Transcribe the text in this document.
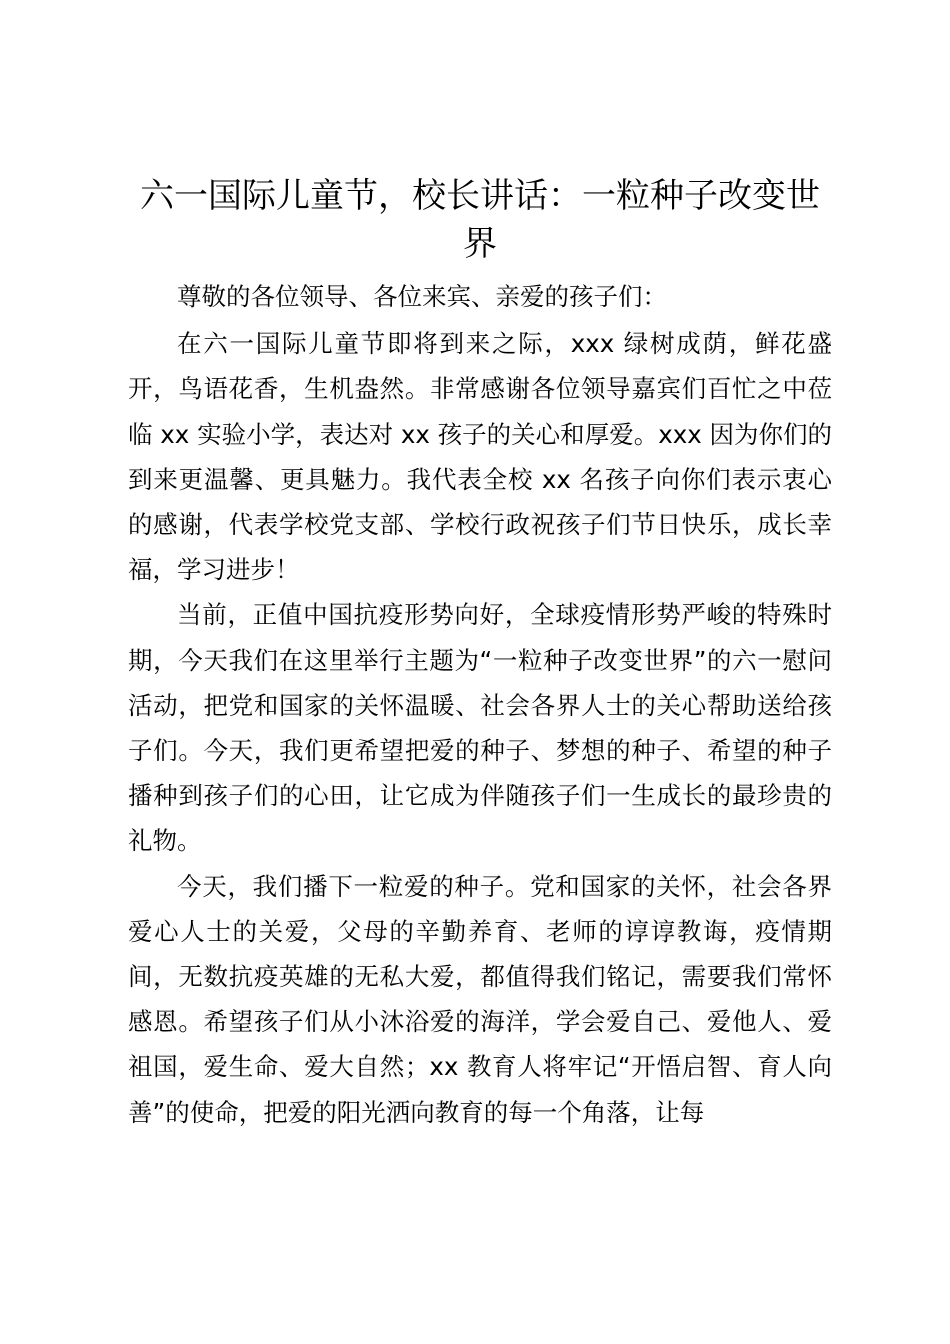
六一国际儿童节，校长讲话：一粒种子改变世界

尊敬的各位领导、各位来宾、亲爱的孩子们：

在六一国际儿童节即将到来之际，xxx 绿树成荫，鲜花盛开，鸟语花香，生机盎然。非常感谢各位领导嘉宾们百忙之中莅临 xx 实验小学，表达对 xx 孩子的关心和厚爱。xxx 因为你们的到来更温馨、更具魅力。我代表全校 xx 名孩子向你们表示衷心的感谢，代表学校党支部、学校行政祝孩子们节日快乐，成长幸福，学习进步！

当前，正值中国抗疫形势向好，全球疫情形势严峻的特殊时期，今天我们在这里举行主题为“一粒种子改变世界”的六一慰问活动，把党和国家的关怀温暖、社会各界人士的关心帮助送给孩子们。今天，我们更希望把爱的种子、梦想的种子、希望的种子播种到孩子们的心田，让它成为伴随孩子们一生成长的最珍贵的礼物。

今天，我们播下一粒爱的种子。党和国家的关怀，社会各界爱心人士的关爱，父母的辛勤养育、老师的谆谆教诲，疫情期间，无数抗疫英雄的无私大爱，都值得我们铭记，需要我们常怀感恩。希望孩子们从小沐浴爱的海洋，学会爱自己、爱他人、爱祖国，爱生命、爱大自然；xx 教育人将牢记“开悟启智、育人向善”的使命，把爱的阳光洒向教育的每一个角落，让每
